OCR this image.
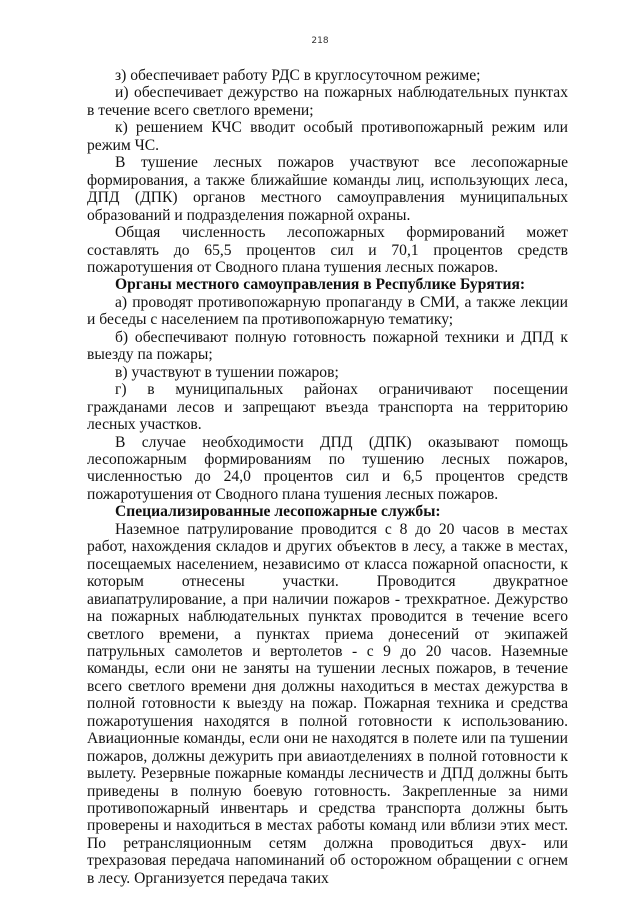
218

з) обеспечивает работу РДС в круглосуточном режиме;

и) обеспечивает дежурство на пожарных наблюдательных пунктах в течение всего светлого времени;

к) решением КЧС вводит особый противопожарный режим или режим ЧС.

В тушение лесных пожаров участвуют все лесопожарные формирования, а также ближайшие команды лиц, использующих леса, ДПД (ДПК) органов местного самоуправления муниципальных образований и подразделения пожарной охраны.

Общая численность лесопожарных формирований может составлять до 65,5 процентов сил и 70,1 процентов средств пожаротушения от Сводного плана тушения лесных пожаров.

Органы местного самоуправления в Республике Бурятия:

а) проводят противопожарную пропаганду в СМИ, а также лекции и беседы с населением па противопожарную тематику;

б) обеспечивают полную готовность пожарной техники и ДПД к выезду па пожары;

в) участвуют в тушении пожаров;

г) в муниципальных районах ограничивают посещении гражданами лесов и запрещают въезда транспорта на территорию лесных участков.

В случае необходимости ДПД (ДПК) оказывают помощь лесопожарным формированиям по тушению лесных пожаров, численностью до 24,0 процентов сил и 6,5 процентов средств пожаротушения от Сводного плана тушения лесных пожаров.

Специализированные лесопожарные службы:

Наземное патрулирование проводится с 8 до 20 часов в местах работ, нахождения складов и других объектов в лесу, а также в местах, посещаемых населением, независимо от класса пожарной опасности, к которым отнесены участки. Проводится двукратное авиапатрулирование, а при наличии пожаров - трехкратное. Дежурство на пожарных наблюдательных пунктах проводится в течение всего светлого времени, а пунктах приема донесений от экипажей патрульных самолетов и вертолетов - с 9 до 20 часов. Наземные команды, если они не заняты на тушении лесных пожаров, в течение всего светлого времени дня должны находиться в местах дежурства в полной готовности к выезду на пожар. Пожарная техника и средства пожаротушения находятся в полной готовности к использованию. Авиационные команды, если они не находятся в полете или па тушении пожаров, должны дежурить при авиаотделениях в полной готовности к вылету. Резервные пожарные команды лесничеств и ДПД должны быть приведены в полную боевую готовность. Закрепленные за ними противопожарный инвентарь и средства транспорта должны быть проверены и находиться в местах работы команд или вблизи этих мест. По ретрансляционным сетям должна проводиться двух- или трехразовая передача напоминаний об осторожном обращении с огнем в лесу. Организуется передача таких
